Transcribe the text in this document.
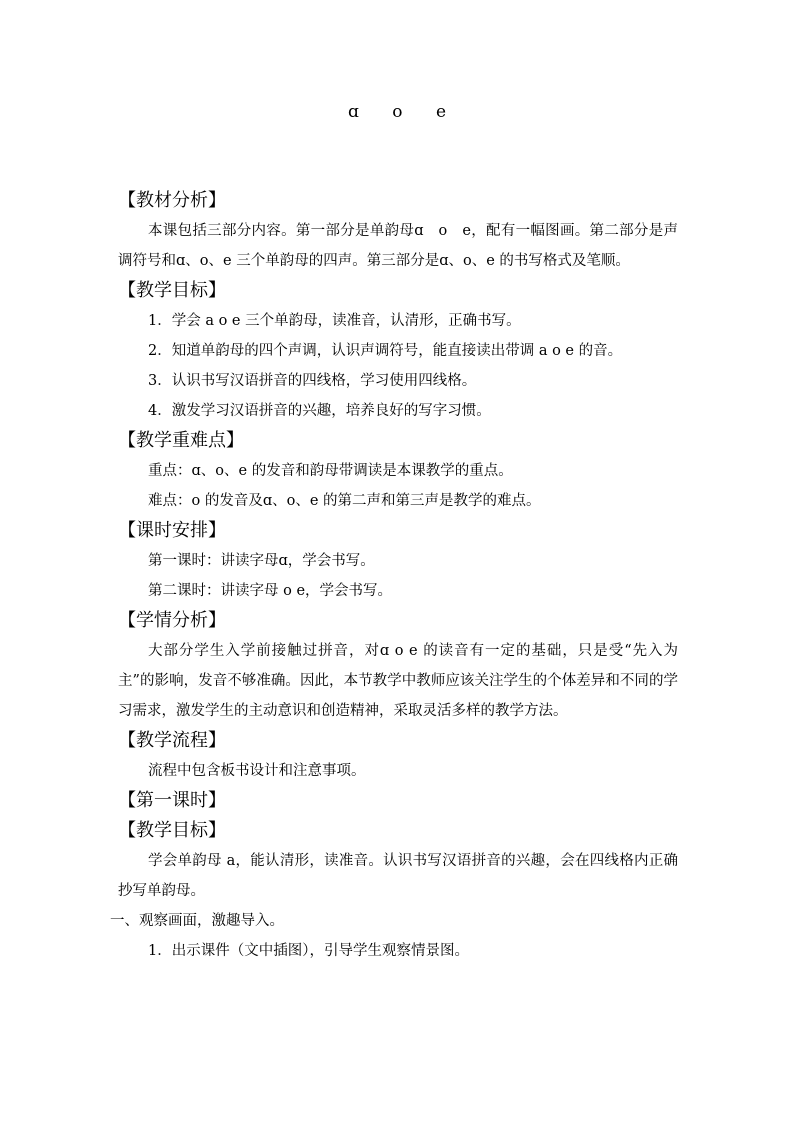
ɑ o e
【教材分析】
本课包括三部分内容。第一部分是单韵母ɑ　o　e，配有一幅图画。第二部分是声调符号和ɑ、o、e 三个单韵母的四声。第三部分是ɑ、o、e 的书写格式及笔顺。
【教学目标】
1．学会 a o e 三个单韵母，读准音，认清形，正确书写。
2．知道单韵母的四个声调，认识声调符号，能直接读出带调 a o e 的音。
3．认识书写汉语拼音的四线格，学习使用四线格。
4．激发学习汉语拼音的兴趣，培养良好的写字习惯。
【教学重难点】
重点：ɑ、o、e 的发音和韵母带调读是本课教学的重点。
难点：o 的发音及ɑ、o、e 的第二声和第三声是教学的难点。
【课时安排】
第一课时：讲读字母ɑ，学会书写。
第二课时：讲读字母 o e，学会书写。
【学情分析】
大部分学生入学前接触过拼音，对ɑ o e 的读音有一定的基础，只是受“先入为主”的影响，发音不够准确。因此，本节教学中教师应该关注学生的个体差异和不同的学习需求，激发学生的主动意识和创造精神，采取灵活多样的教学方法。
【教学流程】
流程中包含板书设计和注意事项。
【第一课时】
【教学目标】
学会单韵母 a，能认清形，读准音。认识书写汉语拼音的兴趣，会在四线格内正确抄写单韵母。
一、观察画面，激趣导入。
1．出示课件（文中插图），引导学生观察情景图。
